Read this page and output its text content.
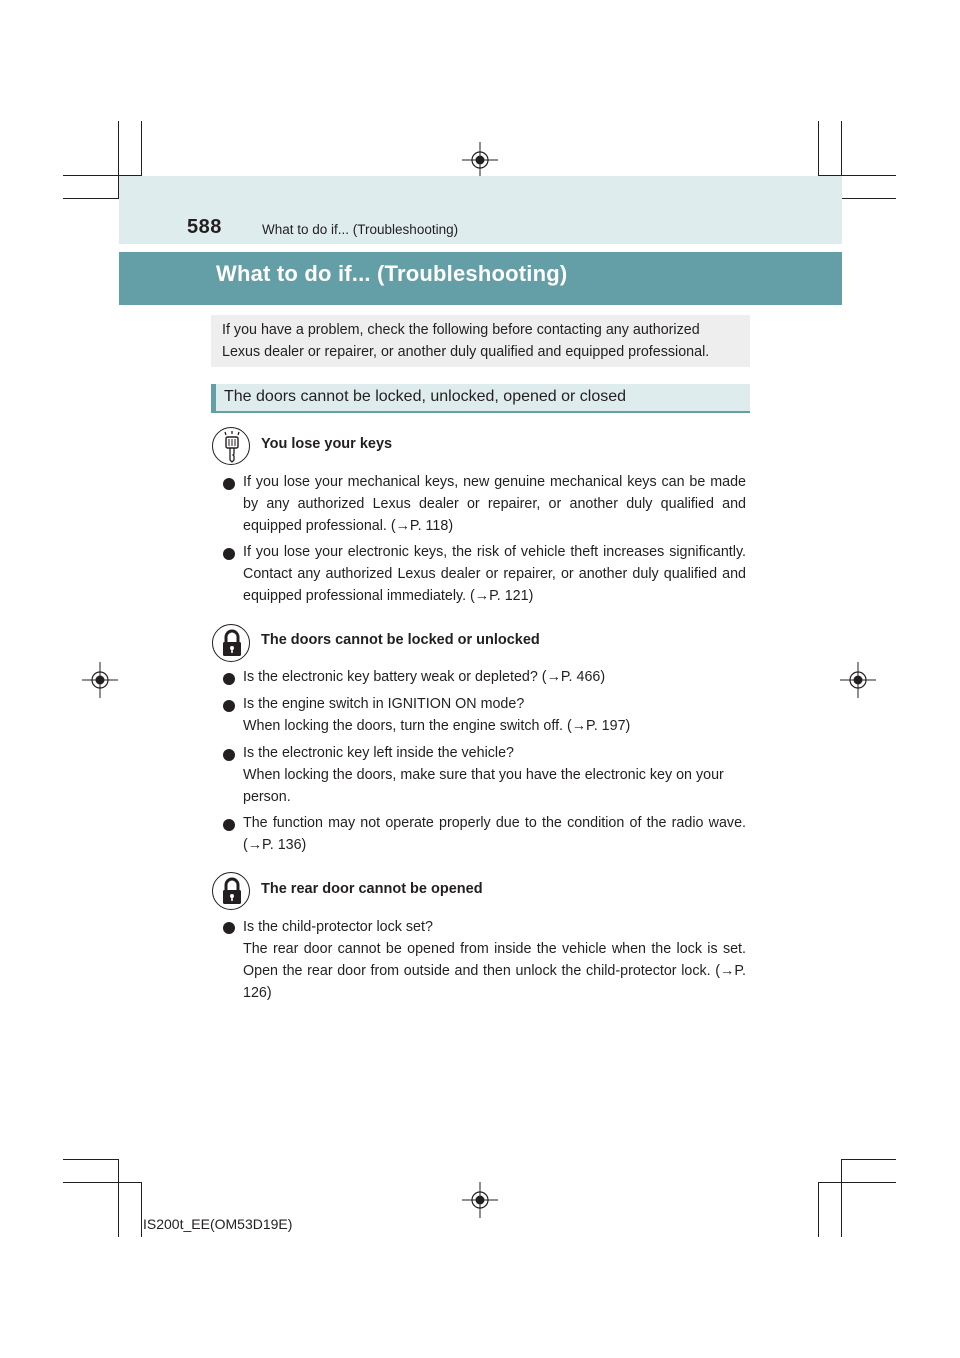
588	What to do if... (Troubleshooting)
What to do if... (Troubleshooting)
If you have a problem, check the following before contacting any authorized Lexus dealer or repairer, or another duly qualified and equipped professional.
The doors cannot be locked, unlocked, opened or closed
You lose your keys
If you lose your mechanical keys, new genuine mechanical keys can be made by any authorized Lexus dealer or repairer, or another duly qualified and equipped professional. (→P. 118)
If you lose your electronic keys, the risk of vehicle theft increases significantly. Contact any authorized Lexus dealer or repairer, or another duly qualified and equipped professional immediately. (→P. 121)
The doors cannot be locked or unlocked
Is the electronic key battery weak or depleted? (→P. 466)
Is the engine switch in IGNITION ON mode?
When locking the doors, turn the engine switch off. (→P. 197)
Is the electronic key left inside the vehicle?
When locking the doors, make sure that you have the electronic key on your person.
The function may not operate properly due to the condition of the radio wave. (→P. 136)
The rear door cannot be opened
Is the child-protector lock set?
The rear door cannot be opened from inside the vehicle when the lock is set. Open the rear door from outside and then unlock the child-protector lock. (→P. 126)
IS200t_EE(OM53D19E)
